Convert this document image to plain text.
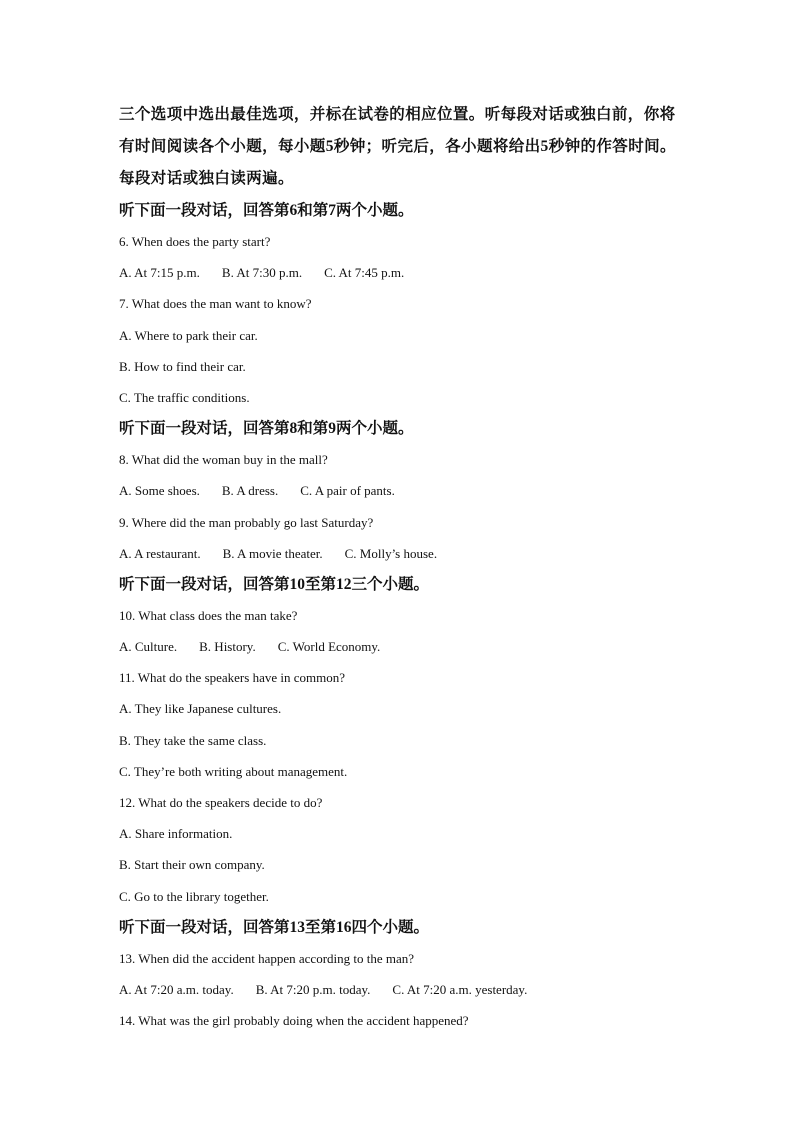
三个选项中选出最佳选项，并标在试卷的相应位置。听每段对话或独白前，你将有时间阅读各个小题，每小题5秒钟；听完后，各小题将给出5秒钟的作答时间。每段对话或独白读两遍。

听下面一段对话，回答第6和第7两个小题。

6. When does the party start?

A. At 7:15 p.m. B. At 7:30 p.m. C. At 7:45 p.m.

7. What does the man want to know?

A. Where to park their car.

B. How to find their car.

C. The traffic conditions.

听下面一段对话，回答第8和第9两个小题。

8. What did the woman buy in the mall?

A. Some shoes. B. A dress. C. A pair of pants.

9. Where did the man probably go last Saturday?

A. A restaurant. B. A movie theater. C. Molly’s house.

听下面一段对话，回答第10至第12三个小题。

10. What class does the man take?

A. Culture. B. History. C. World Economy.

11. What do the speakers have in common?

A. They like Japanese cultures.

B. They take the same class.

C. They’re both writing about management.

12. What do the speakers decide to do?

A. Share information.

B. Start their own company.

C. Go to the library together.

听下面一段对话，回答第13至第16四个小题。

13. When did the accident happen according to the man?

A. At 7:20 a.m. today. B. At 7:20 p.m. today. C. At 7:20 a.m. yesterday.

14. What was the girl probably doing when the accident happened?
